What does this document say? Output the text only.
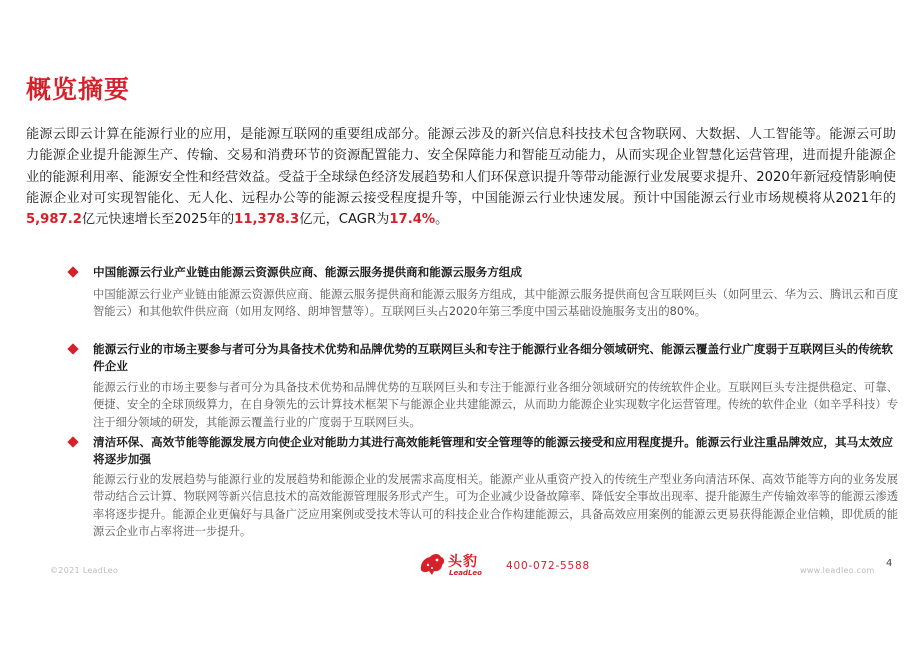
概览摘要
能源云即云计算在能源行业的应用，是能源互联网的重要组成部分。能源云涉及的新兴信息科技技术包含物联网、大数据、人工智能等。能源云可助力能源企业提升能源生产、传输、交易和消费环节的资源配置能力、安全保障能力和智能互动能力，从而实现企业智慧化运营管理，进而提升能源企业的能源利用率、能源安全性和经营效益。受益于全球绿色经济发展趋势和人们环保意识提升等带动能源行业发展要求提升、2020年新冠疫情影响使能源企业对可实现智能化、无人化、远程办公等的能源云接受程度提升等，中国能源云行业快速发展。预计中国能源云行业市场规模将从2021年的5,987.2亿元快速增长至2025年的11,378.3亿元，CAGR为17.4%。
中国能源云行业产业链由能源云资源供应商、能源云服务提供商和能源云服务方组成
中国能源云行业产业链由能源云资源供应商、能源云服务提供商和能源云服务方组成，其中能源云服务提供商包含互联网巨头（如阿里云、华为云、腾讯云和百度智能云）和其他软件供应商（如用友网络、朗坤智慧等）。互联网巨头占2020年第三季度中国云基础设施服务支出的80%。
能源云行业的市场主要参与者可分为具备技术优势和品牌优势的互联网巨头和专注于能源行业各细分领域研究、能源云覆盖行业广度弱于互联网巨头的传统软件企业
能源云行业的市场主要参与者可分为具备技术优势和品牌优势的互联网巨头和专注于能源行业各细分领域研究的传统软件企业。互联网巨头专注提供稳定、可靠、便捷、安全的全球顶级算力，在自身领先的云计算技术框架下与能源企业共建能源云，从而助力能源企业实现数字化运营管理。传统的软件企业（如辛孚科技）专注于细分领域的研发，其能源云覆盖行业的广度弱于互联网巨头。
清洁环保、高效节能等能源发展方向使企业对能助力其进行高效能耗管理和安全管理等的能源云接受和应用程度提升。能源云行业注重品牌效应，其马太效应将逐步加强
能源云行业的发展趋势与能源行业的发展趋势和能源企业的发展需求高度相关。能源产业从重资产投入的传统生产型业务向清洁环保、高效节能等方向的业务发展带动结合云计算、物联网等新兴信息技术的高效能源管理服务形式产生。可为企业减少设备故障率、降低安全事故出现率、提升能源生产传输效率等的能源云渗透率将逐步提升。能源企业更偏好与具备广泛应用案例或受技术等认可的科技企业合作构建能源云，具备高效应用案例的能源云更易获得能源企业信赖，即优质的能源云企业市占率将进一步提升。
©2021 LeadLeo
头豹
LeadLeo
400-072-5588	www.leadleo.com
4
